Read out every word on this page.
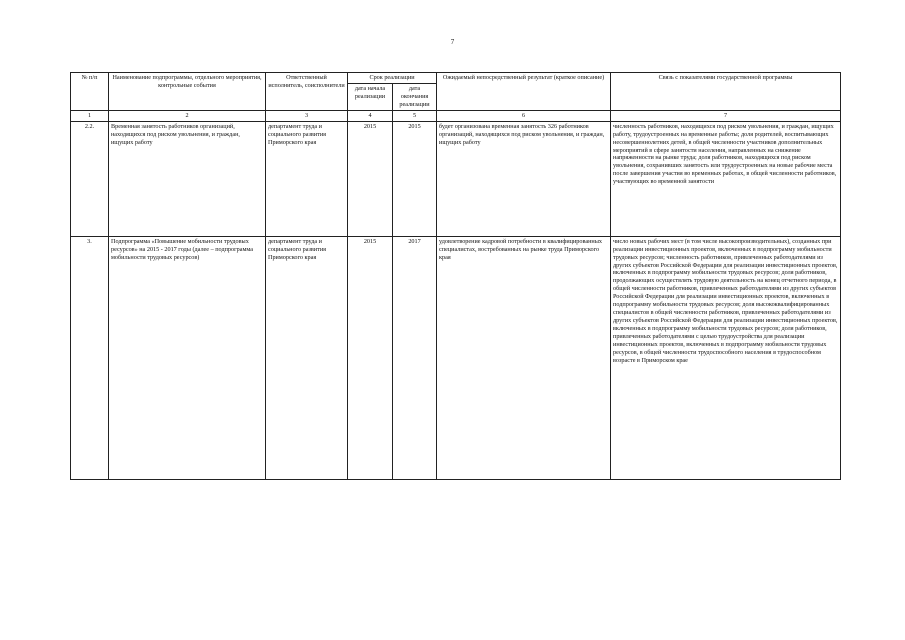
7
№ п/п	Наименование подпрограммы, отдельного мероприятия, контрольные события	Ответственный исполнитель, соисполнители	Срок реализации		Ожидаемый непосредственный результат (краткое описание)	Связь с показателями государственной программы
			дата начала реализации	дата окончания реализации		
1	2	3	4	5	6	7
2.2.	Временная занятость работников организаций, находящихся под риском увольнения, и граждан, ищущих работу	департамент труда и социального развития Приморского края	2015	2015	будет организована временная занятость 326 работников организаций, находящихся под риском увольнения, и граждан, ищущих работу	численность работников, находящихся под риском увольнения, и граждан, ищущих работу, трудоустроенных на временные работы; доля родителей, воспитывающих несовершеннолетних детей, в общей численности участников дополнительных мероприятий в сфере занятости населения, направленных на снижение напряженности на рынке труда; доля работников, находящихся под риском увольнения, сохранивших занятость или трудоустроенных на новые рабочие места после завершения участия во временных работах, в общей численности работников, участвующих во временной занятости
3.	Подпрограмма «Повышение мобильности трудовых ресурсов» на 2015 - 2017 годы (далее – подпрограмма мобильности трудовых ресурсов)	департамент труда и социального развития Приморского края	2015	2017	удовлетворение кадровой потребности в квалифицированных специалистах, востребованных на рынке труда Приморского края	число новых рабочих мест (в том числе высокопроизводительных), созданных при реализации инвестиционных проектов, включенных в подпрограмму мобильности трудовых ресурсов; численность работников, привлеченных работодателями из других субъектов Российской Федерации для реализации инвестиционных проектов, включенных в подпрограмму мобильности трудовых ресурсов; доля работников, продолжающих осуществлять трудовую деятельность на конец отчетного периода, в общей численности работников, привлеченных работодателями из других субъектов Российской Федерации для реализации инвестиционных проектов, включенных в подпрограмму мобильности трудовых ресурсов; доля высококвалифицированных специалистов в общей численности работников, привлеченных работодателями из других субъектов Российской Федерации для реализации инвестиционных проектов, включенных в подпрограмму мобильности трудовых ресурсов; доля работников, привлеченных работодателями с целью трудоустройства для реализации инвестиционных проектов, включенных в подпрограмму мобильности трудовых ресурсов, в общей численности трудоспособного населения в трудоспособном возрасте в Приморском крае
